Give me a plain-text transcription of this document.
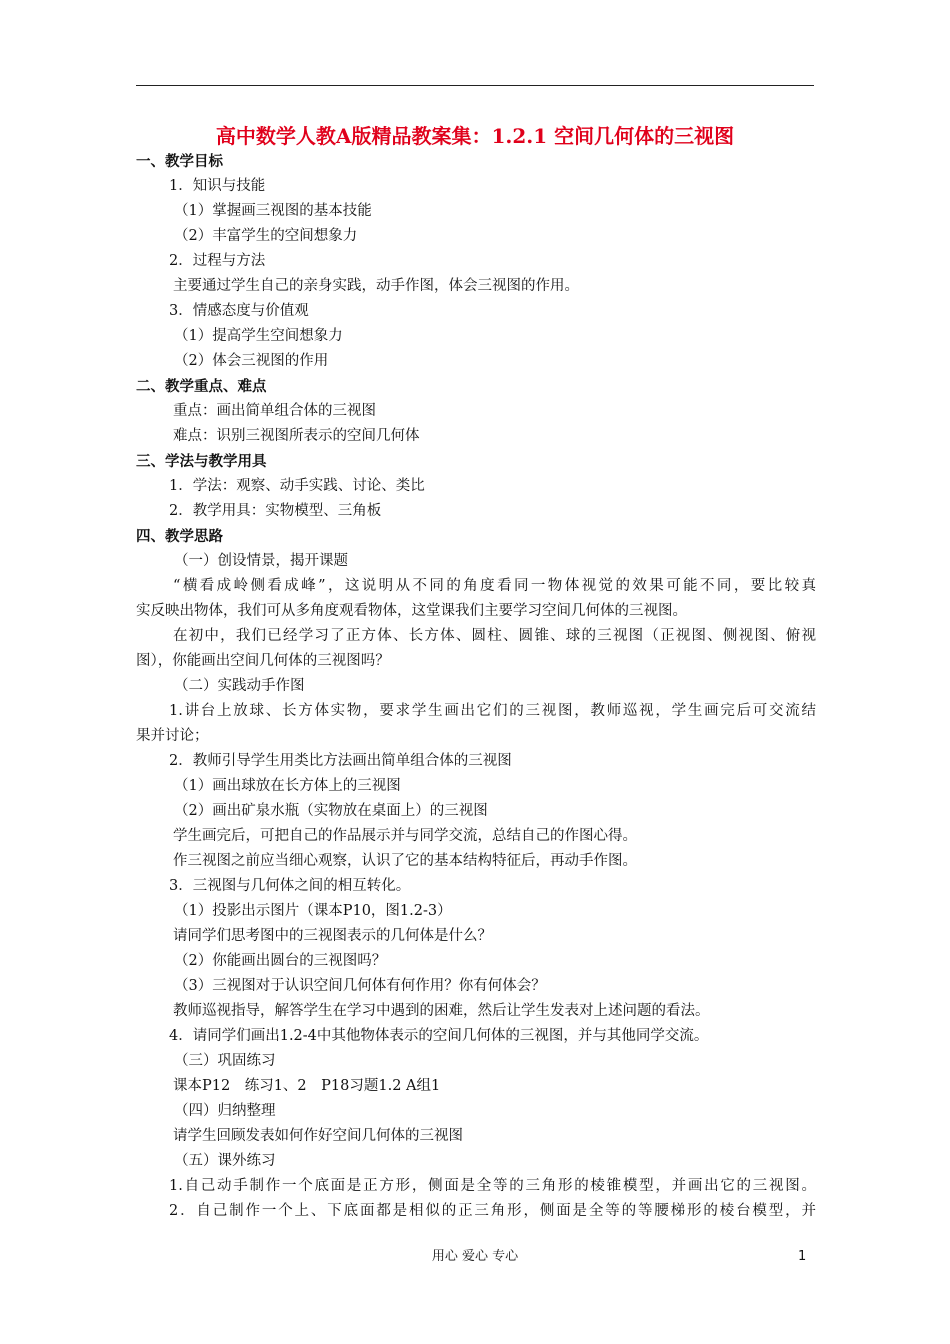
高中数学人教A版精品教案集：1.2.1 空间几何体的三视图
一、教学目标
1．知识与技能
（1）掌握画三视图的基本技能
（2）丰富学生的空间想象力
2．过程与方法
主要通过学生自己的亲身实践，动手作图，体会三视图的作用。
3．情感态度与价值观
（1）提高学生空间想象力
（2）体会三视图的作用
二、教学重点、难点
重点：画出简单组合体的三视图
难点：识别三视图所表示的空间几何体
三、学法与教学用具
1．学法：观察、动手实践、讨论、类比
2．教学用具：实物模型、三角板
四、教学思路
（一）创设情景，揭开课题
“横看成岭侧看成峰”，这说明从不同的角度看同一物体视觉的效果可能不同，要比较真
实反映出物体，我们可从多角度观看物体，这堂课我们主要学习空间几何体的三视图。
在初中，我们已经学习了正方体、长方体、圆柱、圆锥、球的三视图（正视图、侧视图、俯视
图），你能画出空间几何体的三视图吗？
（二）实践动手作图
1.讲台上放球、长方体实物，要求学生画出它们的三视图，教师巡视，学生画完后可交流结
果并讨论；
2．教师引导学生用类比方法画出简单组合体的三视图
（1）画出球放在长方体上的三视图
（2）画出矿泉水瓶（实物放在桌面上）的三视图
学生画完后，可把自己的作品展示并与同学交流，总结自己的作图心得。
作三视图之前应当细心观察，认识了它的基本结构特征后，再动手作图。
3．三视图与几何体之间的相互转化。
（1）投影出示图片（课本P10，图1.2-3）
请同学们思考图中的三视图表示的几何体是什么？
（2）你能画出圆台的三视图吗？
（3）三视图对于认识空间几何体有何作用？你有何体会？
教师巡视指导，解答学生在学习中遇到的困难，然后让学生发表对上述问题的看法。
4．请同学们画出1.2-4中其他物体表示的空间几何体的三视图，并与其他同学交流。
（三）巩固练习
课本P12　练习1、2　P18习题1.2 A组1
（四）归纳整理
请学生回顾发表如何作好空间几何体的三视图
（五）课外练习
1.自己动手制作一个底面是正方形，侧面是全等的三角形的棱锥模型，并画出它的三视图。
2．自己制作一个上、下底面都是相似的正三角形，侧面是全等的等腰梯形的棱台模型，并
用心 爱心 专心	1
